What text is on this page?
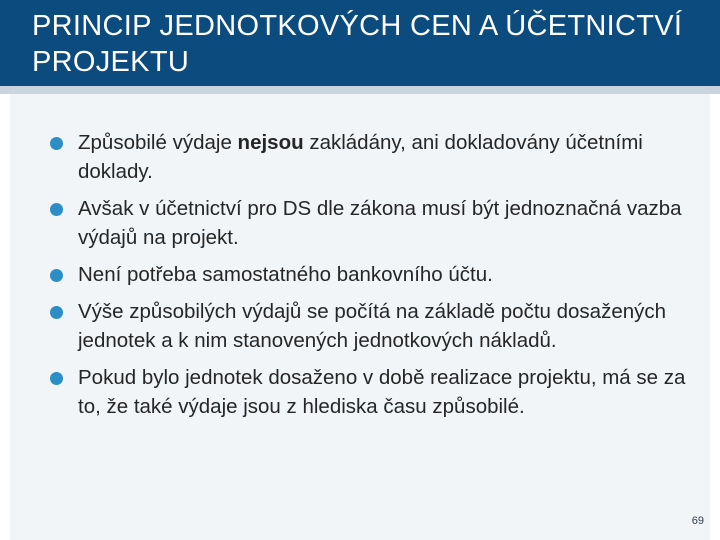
PRINCIP JEDNOTKOVÝCH CEN A ÚČETNICTVÍ PROJEKTU
Způsobilé výdaje nejsou zakládány, ani dokladovány účetními doklady.
Avšak v účetnictví pro DS dle zákona musí být jednoznačná vazba výdajů na projekt.
Není potřeba samostatného bankovního účtu.
Výše způsobilých výdajů se počítá na základě počtu dosažených jednotek a k nim stanovených jednotkových nákladů.
Pokud bylo jednotek dosaženo v době realizace projektu, má se za to, že také výdaje jsou z hlediska času způsobilé.
69
